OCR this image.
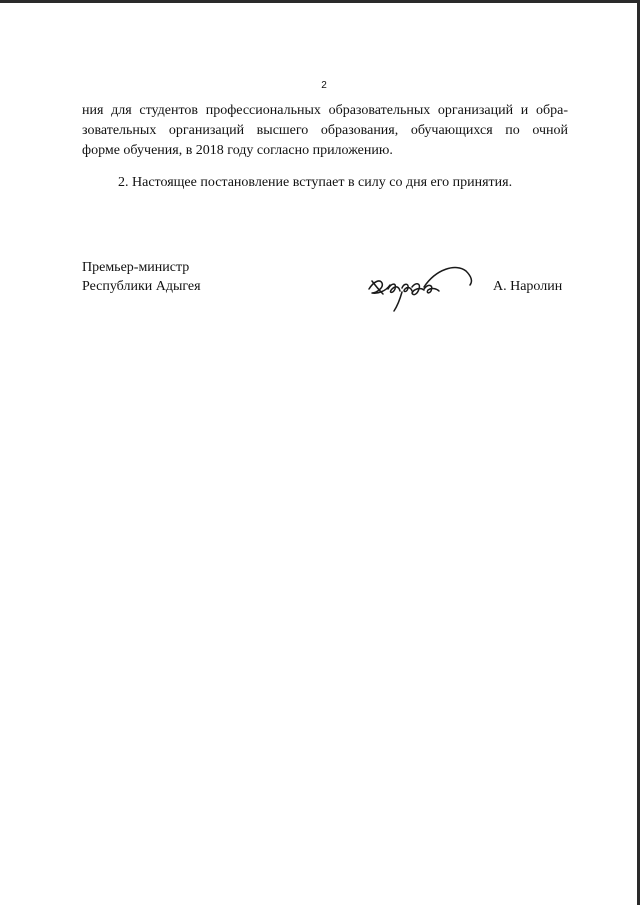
2
ния для студентов профессиональных образовательных организаций и обра-
зовательных организаций высшего образования, обучающихся по очной
форме обучения, в 2018 году согласно приложению.
2. Настоящее постановление вступает в силу со дня его принятия.
Премьер-министр
Республики Адыгея	А. Наролин
